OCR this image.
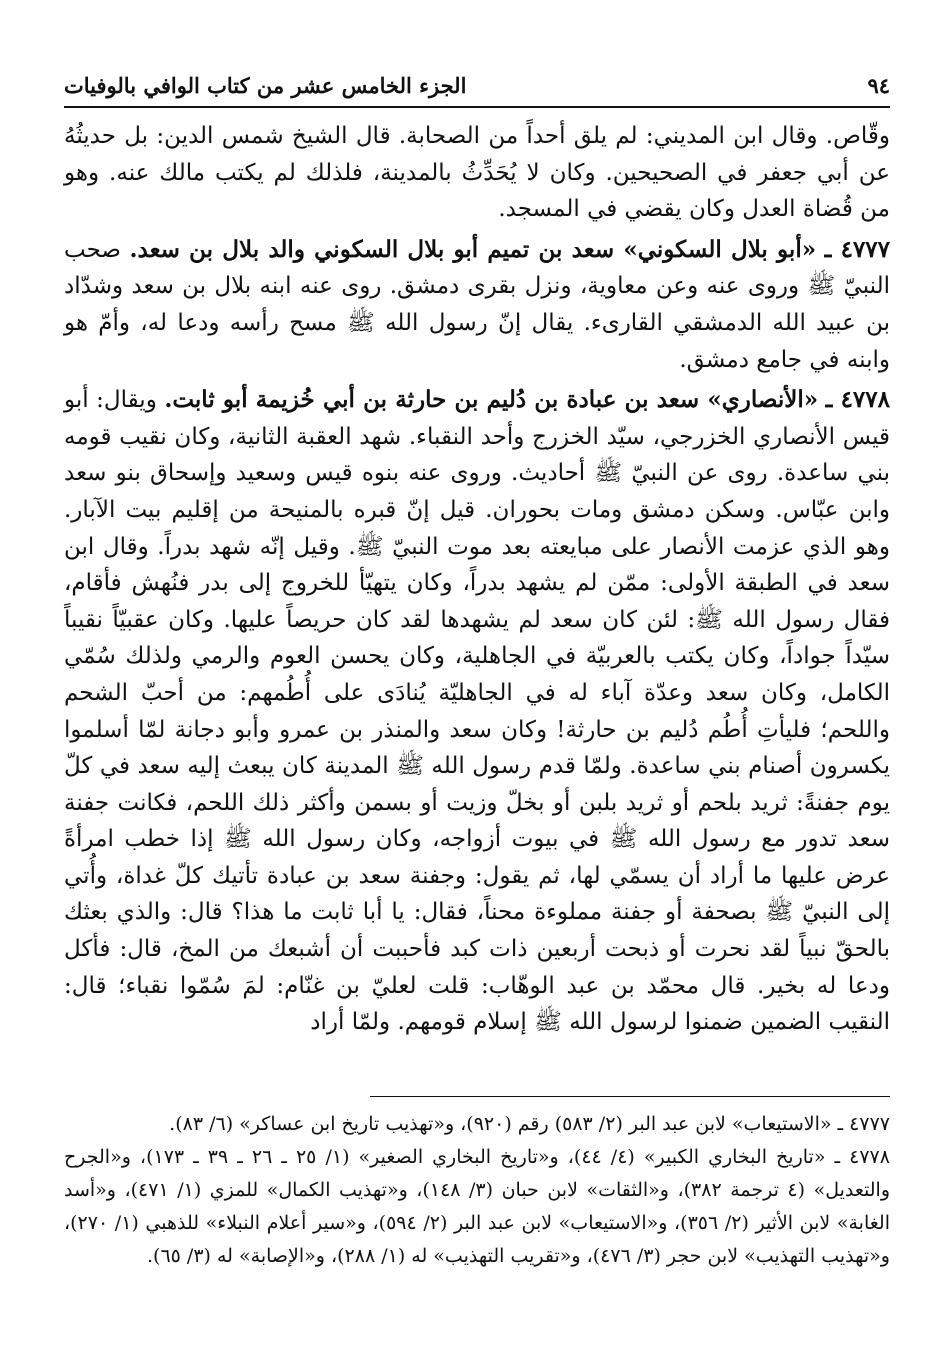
٩٤
الجزء الخامس عشر من كتاب الوافي بالوفيات

وقّاص. وقال ابن المديني: لم يلق أحداً من الصحابة. قال الشيخ شمس الدين: بل حديثُهُ عن أبي جعفر في الصحيحين. وكان لا يُحَدِّثُ بالمدينة، فلذلك لم يكتب مالك عنه. وهو من قُضاة العدل وكان يقضي في المسجد.

٤٧٧٧ ـ «أبو بلال السكوني» سعد بن تميم أبو بلال السكوني والد بلال بن سعد. صحب النبيّ ﷺ وروى عنه وعن معاوية، ونزل بقرى دمشق. روى عنه ابنه بلال بن سعد وشدّاد بن عبيد الله الدمشقي القارىء. يقال إنّ رسول الله ﷺ مسح رأسه ودعا له، وأمّ هو وابنه في جامع دمشق.

٤٧٧٨ ـ «الأنصاري» سعد بن عبادة بن دُليم بن حارثة بن أبي خُزيمة أبو ثابت. ويقال: أبو قيس الأنصاري الخزرجي، سيّد الخزرج وأحد النقباء. شهد العقبة الثانية، وكان نقيب قومه بني ساعدة. روى عن النبيّ ﷺ أحاديث. وروى عنه بنوه قيس وسعيد وإسحاق بنو سعد وابن عبّاس. وسكن دمشق ومات بحوران. قيل إنّ قبره بالمنيحة من إقليم بيت الآبار. وهو الذي عزمت الأنصار على مبايعته بعد موت النبيّ ﷺ. وقيل إنّه شهد بدراً. وقال ابن سعد في الطبقة الأولى: ممّن لم يشهد بدراً، وكان يتهيّأ للخروج إلى بدر فنُهش فأقام، فقال رسول الله ﷺ: لئن كان سعد لم يشهدها لقد كان حريصاً عليها. وكان عقبيّاً نقيباً سيّداً جواداً، وكان يكتب بالعربيّة في الجاهلية، وكان يحسن العوم والرمي ولذلك سُمّي الكامل، وكان سعد وعدّة آباء له في الجاهليّة يُنادَى على أُطُمهم: من أحبّ الشحم واللحم؛ فليأتِ أُطُم دُليم بن حارثة! وكان سعد والمنذر بن عمرو وأبو دجانة لمّا أسلموا يكسرون أصنام بني ساعدة. ولمّا قدم رسول الله ﷺ المدينة كان يبعث إليه سعد في كلّ يوم جفنةً: ثريد بلحم أو ثريد بلبن أو بخلّ وزيت أو بسمن وأكثر ذلك اللحم، فكانت جفنة سعد تدور مع رسول الله ﷺ في بيوت أزواجه، وكان رسول الله ﷺ إذا خطب امرأةً عرض عليها ما أراد أن يسمّي لها، ثم يقول: وجفنة سعد بن عبادة تأتيك كلّ غداة، وأُتي إلى النبيّ ﷺ بصحفة أو جفنة مملوءة محناً، فقال: يا أبا ثابت ما هذا؟ قال: والذي بعثك بالحقّ نبياً لقد نحرت أو ذبحت أربعين ذات كبد فأحببت أن أشبعك من المخ، قال: فأكل ودعا له بخير. قال محمّد بن عبد الوهّاب: قلت لعليّ بن غنّام: لمَ سُمّوا نقباء؛ قال: النقيب الضمين ضمنوا لرسول الله ﷺ إسلام قومهم. ولمّا أراد

٤٧٧٧ ـ «الاستيعاب» لابن عبد البر (٢/ ٥٨٣) رقم (٩٢٠)، و«تهذيب تاريخ ابن عساكر» (٦/ ٨٣).

٤٧٧٨ ـ «تاريخ البخاري الكبير» (٤/ ٤٤)، و«تاريخ البخاري الصغير» (١/ ٢٥ ـ ٢٦ ـ ٣٩ ـ ١٧٣)، و«الجرح والتعديل» (٤ ترجمة ٣٨٢)، و«الثقات» لابن حبان (٣/ ١٤٨)، و«تهذيب الكمال» للمزي (١/ ٤٧١)، و«أسد الغابة» لابن الأثير (٢/ ٣٥٦)، و«الاستيعاب» لابن عبد البر (٢/ ٥٩٤)، و«سير أعلام النبلاء» للذهبي (١/ ٢٧٠)، و«تهذيب التهذيب» لابن حجر (٣/ ٤٧٦)، و«تقريب التهذيب» له (١/ ٢٨٨)، و«الإصابة» له (٣/ ٦٥).
